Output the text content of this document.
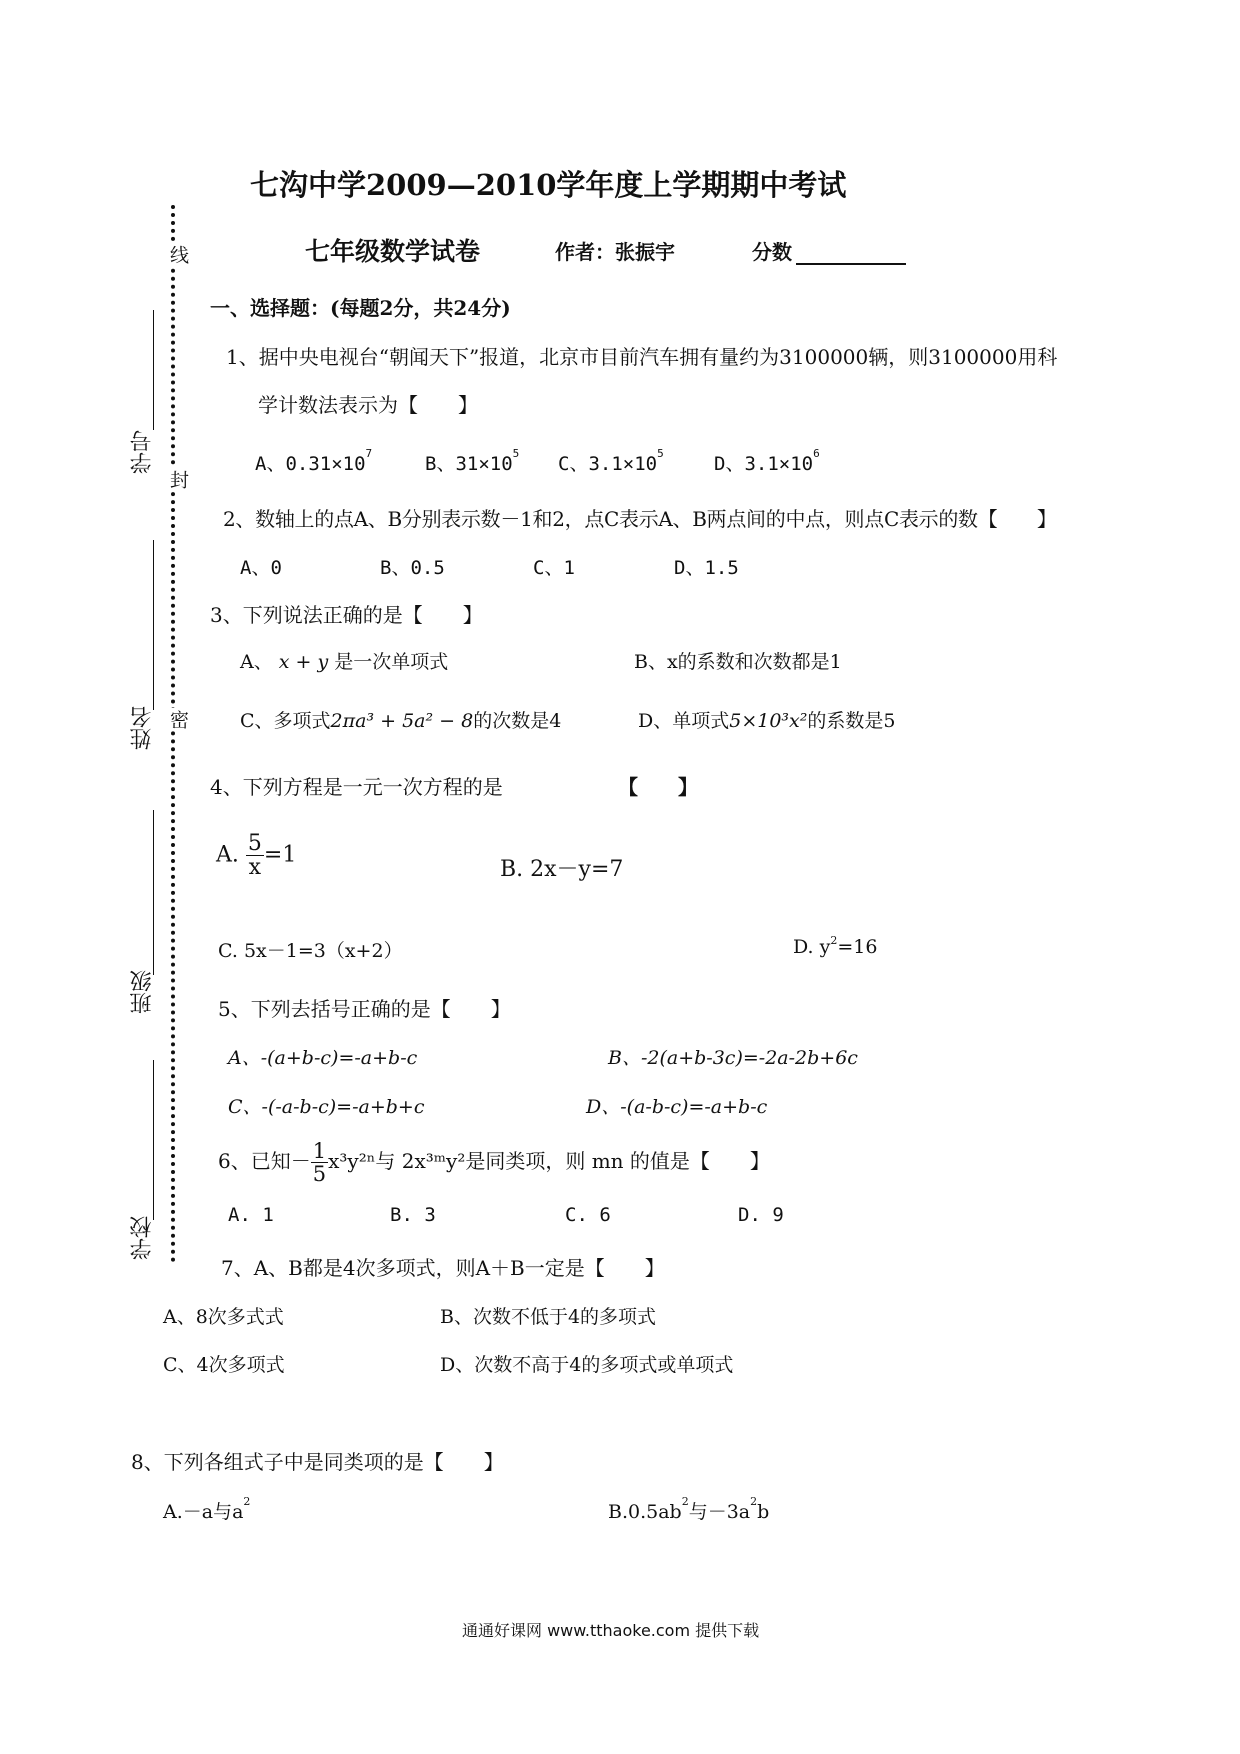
七沟中学2009—2010学年度上学期期中考试
七年级数学试卷	作者：张振宇	分数
线
封
密
学号
姓名
班级
学校
一、选择题：(每题2分，共24分)
1、据中央电视台“朝闻天下”报道，北京市目前汽车拥有量约为3100000辆，则3100000用科
学计数法表示为【　　】
A、$0.31\times 10^7$	B、$31\times 10^5$ C、$3.1\times 10^5$	D、$3.1\times 10^6$
2、数轴上的点A、B分别表示数－1和2，点C表示A、B两点间的中点，则点C表示的数【　　】
A、0	B、0.5	C、1	D、1.5
3、下列说法正确的是【　　】
A、 x + y 是一次单项式	B、x的系数和次数都是1
C、多项式2πa³ + 5a² − 8的次数是4	D、单项式5×10³x²的系数是5
4、下列方程是一元一次方程的是	【　　】
A. $\frac{5}{x} =1$
B. 2x－y=7
C. 5x－1=3（x+2）	D. $y^2=16$
5、下列去括号正确的是【　　】
A、-(a+b-c)=-a+b-c	B、-2(a+b-3c)=-2a-2b+6c
C、-(-a-b-c)=-a+b+c	D、-(a-b-c)=-a+b-c
6、已知－ $\frac{1}{5} x^3y^{2n}$与 2x³ᵐy²是同类项，则 mn 的值是【　　】
A. 1	B. 3	C. 6	D. 9
7、A、B都是4次多项式，则A＋B一定是【　　】
A、8次多式式	B、次数不低于4的多项式
C、4次多项式	D、次数不高于4的多项式或单项式
8、下列各组式子中是同类项的是【　　】
A.－a与$a^2$	$B.0.5ab^2$与$-3a^2b$
通通好课网 www.tthaoke.com 提供下载
